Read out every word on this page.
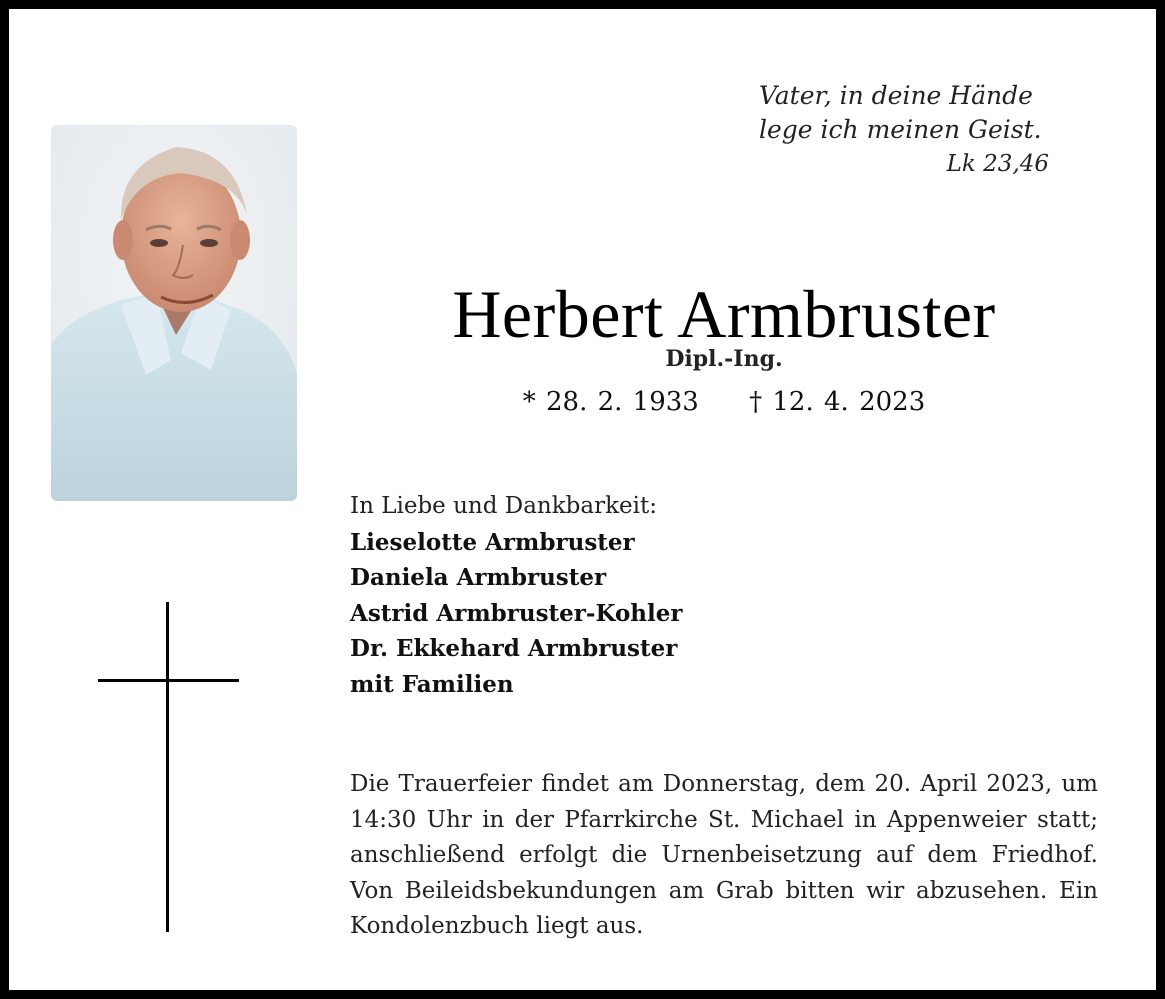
Vater, in deine Hände
lege ich meinen Geist.
Lk 23,46
Herbert Armbruster
Dipl.-Ing.
* 28. 2. 1933 † 12. 4. 2023
In Liebe und Dankbarkeit:
Lieselotte Armbruster
Daniela Armbruster
Astrid Armbruster-Kohler
Dr. Ekkehard Armbruster
mit Familien
Die Trauerfeier findet am Donnerstag, dem 20. April 2023, um 14:30 Uhr in der Pfarrkirche St. Michael in Appenweier statt; anschließend erfolgt die Urnenbeisetzung auf dem Friedhof. Von Beileidsbekundungen am Grab bitten wir abzusehen. Ein Kondolenzbuch liegt aus.
